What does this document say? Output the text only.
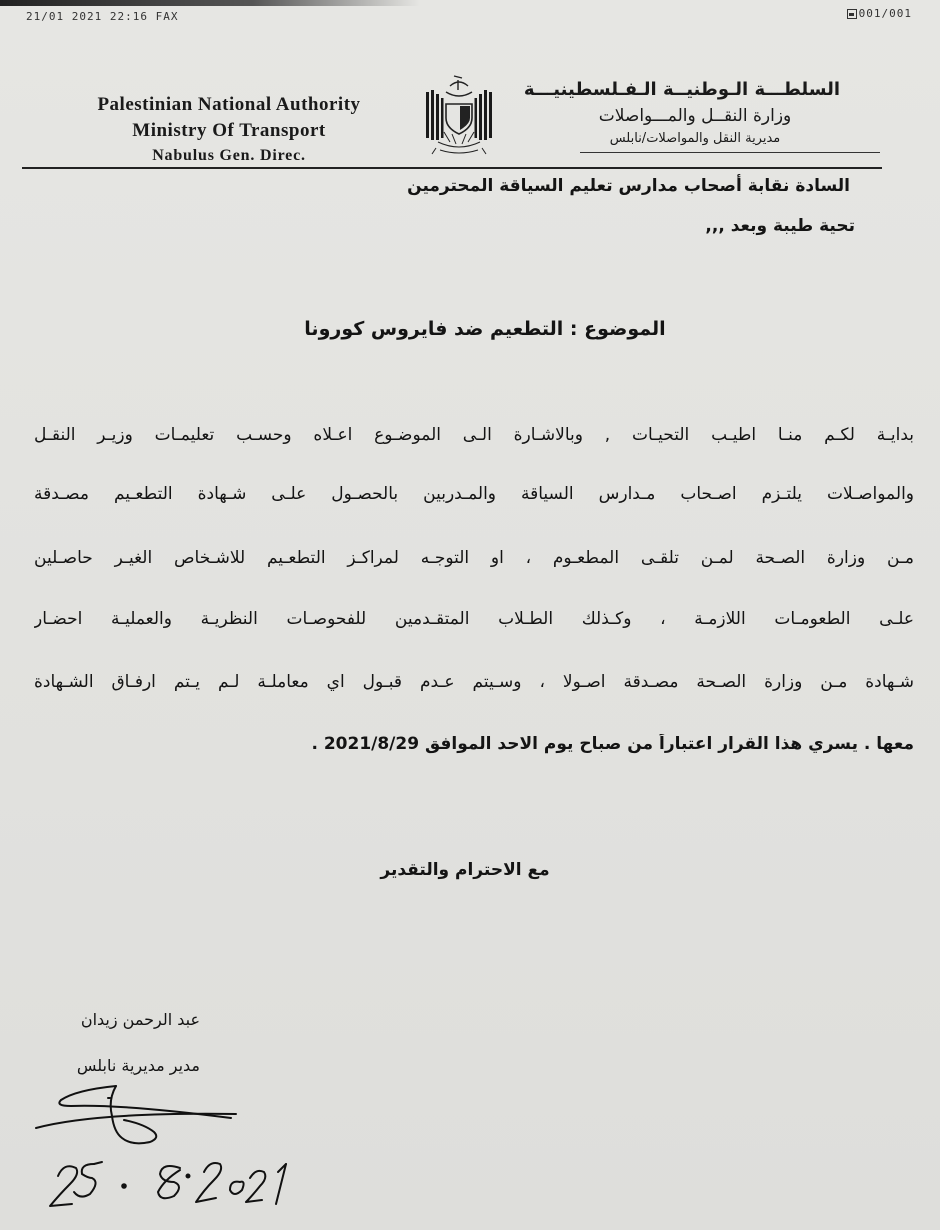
21/01 2021 22:16 FAX	001/001
Palestinian National Authority
Ministry Of Transport
Nabulus Gen. Direc.
السلطـــة الـوطنيــة الـفـلسطينيـــة
وزارة النقــل والمـــواصلات
مديرية النقل والمواصلات/نابلس
السادة نقابة أصحاب مدارس تعليم السياقة المحترمين
تحية طيبة وبعد ,,,
الموضوع : التطعيم ضد فايروس كورونا
بدايـة لكـم منـا اطيـب التحيـات , وبالاشـارة الـى الموضـوع اعـلاه وحسـب تعليمـات وزيـر النقـل
والمواصـلات يلتـزم اصـحاب مـدارس السياقة والمـدربين بالحصـول علـى شـهادة التطعـيم مصـدقة
مـن وزارة الصـحة لمـن تلقـى المطعـوم ، او التوجـه لمراكـز التطعـيم للاشـخاص الغيـر حاصـلين
علـى الطعومـات اللازمـة ، وكـذلك الطـلاب المتقـدمين للفحوصـات النظريـة والعمليـة احضـار
شـهادة مـن وزارة الصـحة مصـدقة اصـولا ، وسـيتم عـدم قبـول اي معاملـة لـم يـتم ارفـاق الشـهادة
معها . يسري هذا القرار اعتباراً من صباح يوم الاحد الموافق 2021/8/29 .
مع الاحترام والتقدير
عبد الرحمن زيدان
مدير مديرية نابلس
